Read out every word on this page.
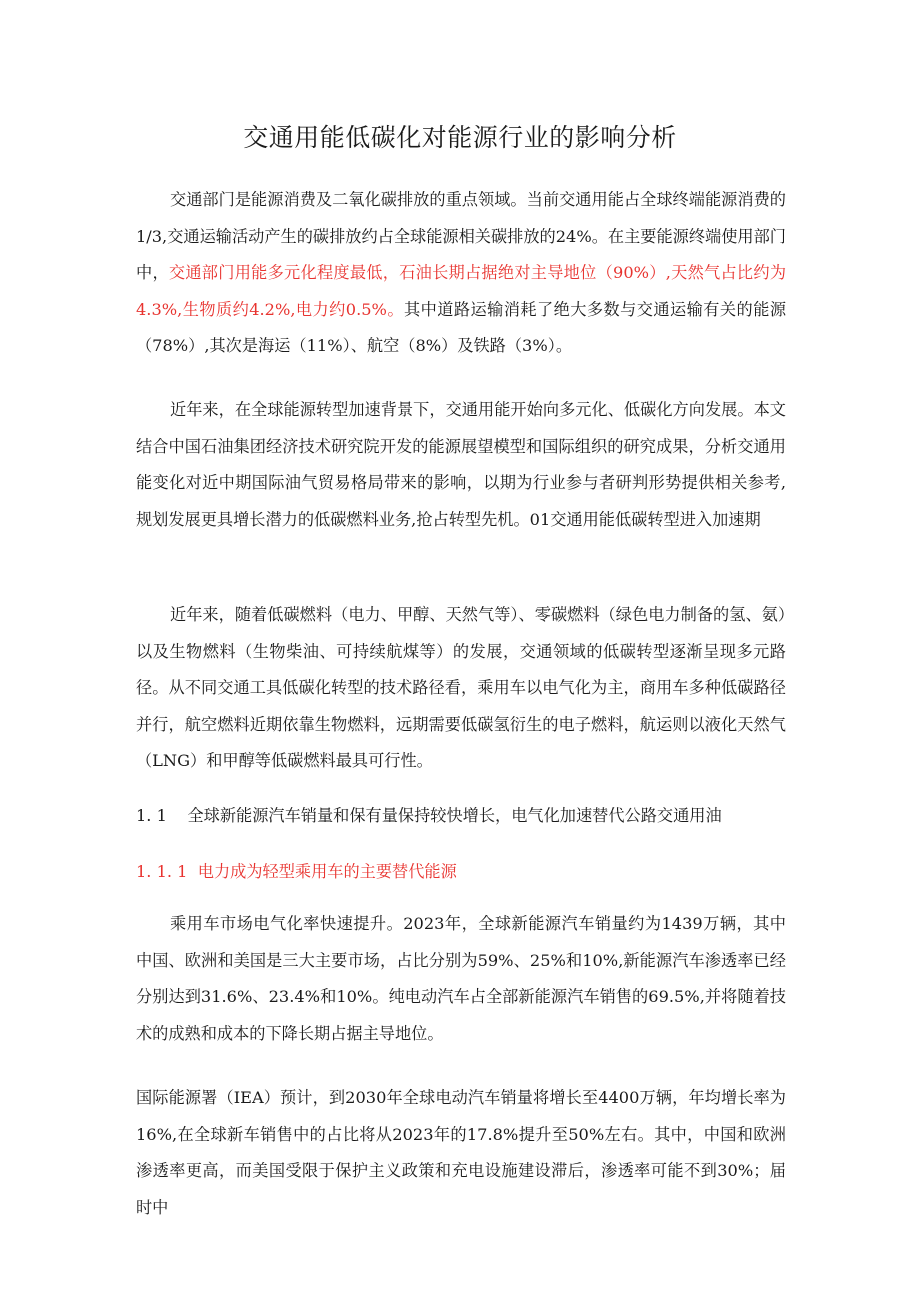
交通用能低碳化对能源行业的影响分析
交通部门是能源消费及二氧化碳排放的重点领域。当前交通用能占全球终端能源消费的1/3,交通运输活动产生的碳排放约占全球能源相关碳排放的24%。在主要能源终端使用部门中，交通部门用能多元化程度最低，石油长期占据绝对主导地位（90%）,天然气占比约为4.3%,生物质约4.2%,电力约0.5%。其中道路运输消耗了绝大多数与交通运输有关的能源（78%）,其次是海运（11%）、航空（8%）及铁路（3%）。
近年来，在全球能源转型加速背景下，交通用能开始向多元化、低碳化方向发展。本文结合中国石油集团经济技术研究院开发的能源展望模型和国际组织的研究成果，分析交通用能变化对近中期国际油气贸易格局带来的影响，以期为行业参与者研判形势提供相关参考,规划发展更具增长潜力的低碳燃料业务,抢占转型先机。01交通用能低碳转型进入加速期
近年来，随着低碳燃料（电力、甲醇、天然气等）、零碳燃料（绿色电力制备的氢、氨）以及生物燃料（生物柴油、可持续航煤等）的发展，交通领域的低碳转型逐渐呈现多元路径。从不同交通工具低碳化转型的技术路径看，乘用车以电气化为主，商用车多种低碳路径并行，航空燃料近期依靠生物燃料，远期需要低碳氢衍生的电子燃料，航运则以液化天然气（LNG）和甲醇等低碳燃料最具可行性。
1. 1    全球新能源汽车销量和保有量保持较快增长，电气化加速替代公路交通用油
1. 1. 1  电力成为轻型乘用车的主要替代能源
乘用车市场电气化率快速提升。2023年，全球新能源汽车销量约为1439万辆，其中中国、欧洲和美国是三大主要市场，占比分别为59%、25%和10%,新能源汽车渗透率已经分别达到31.6%、23.4%和10%。纯电动汽车占全部新能源汽车销售的69.5%,并将随着技术的成熟和成本的下降长期占据主导地位。
国际能源署（IEA）预计，到2030年全球电动汽车销量将增长至4400万辆，年均增长率为16%,在全球新车销售中的占比将从2023年的17.8%提升至50%左右。其中，中国和欧洲渗透率更高，而美国受限于保护主义政策和充电设施建设滞后，渗透率可能不到30%；届时中
